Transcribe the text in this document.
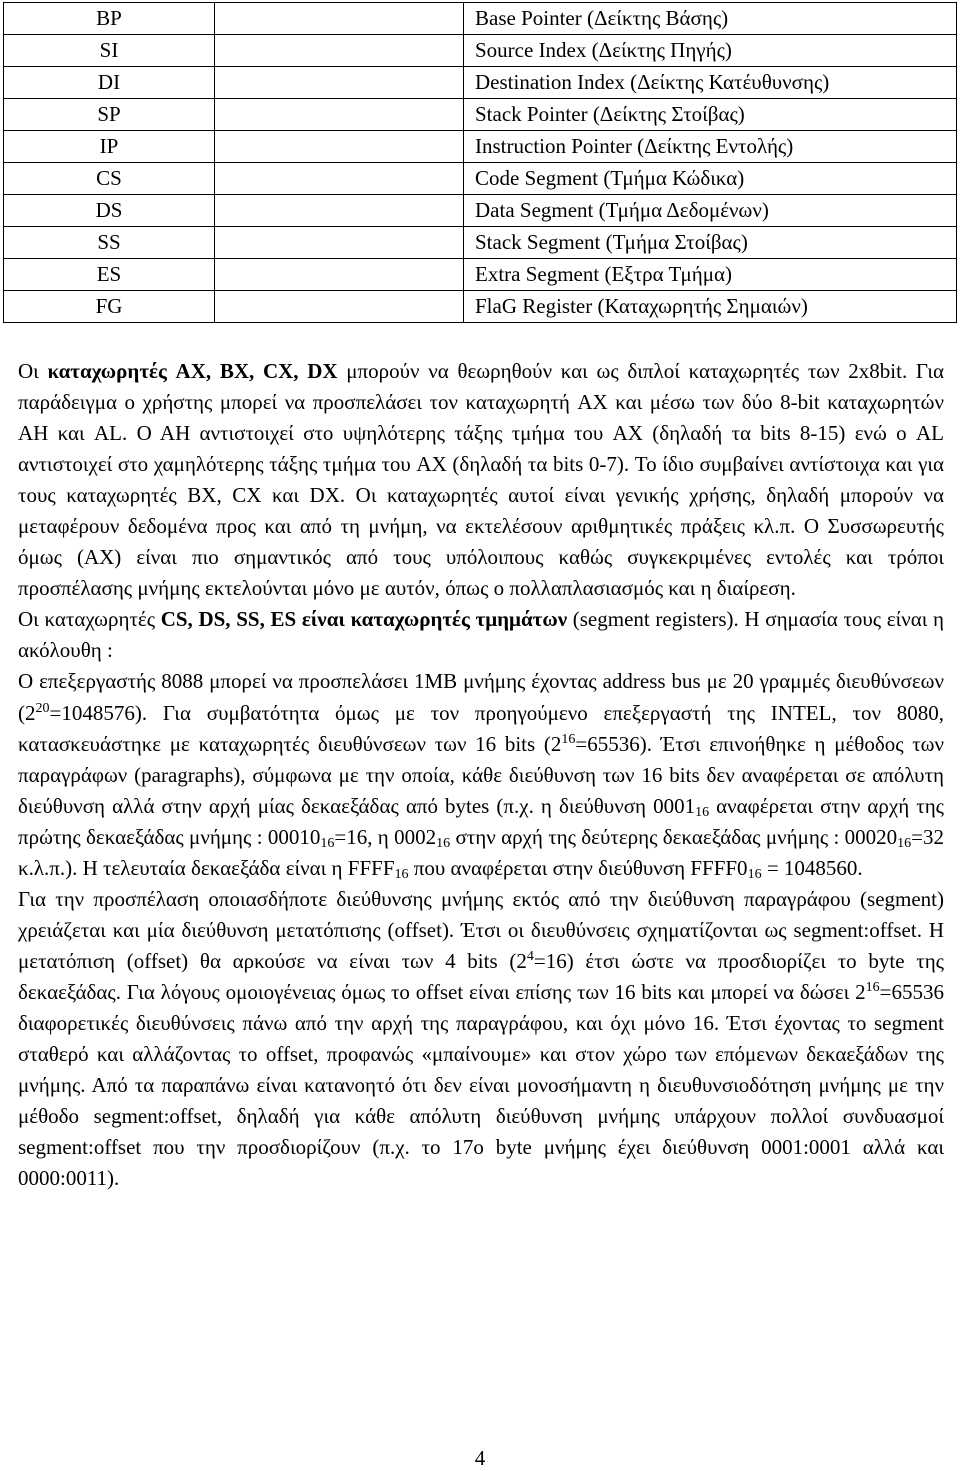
BP		Base Pointer (Δείκτης Βάσης)
SI		Source Index (Δείκτης Πηγής)
DI		Destination Index (Δείκτης Κατέυθυνσης)
SP		Stack Pointer (Δείκτης Στοίβας)
IP		Instruction Pointer (Δείκτης Εντολής)
CS		Code Segment (Τμήμα Κώδικα)
DS		Data Segment (Τμήμα Δεδομένων)
SS		Stack Segment (Τμήμα Στοίβας)
ES		Extra Segment (Εξτρα Τμήμα)
FG		FlaG Register (Καταχωρητής Σημαιών)

Οι καταχωρητές AX, BX, CX, DX μπορούν να θεωρηθούν και ως διπλοί καταχωρητές των 2x8bit. Για παράδειγμα ο χρήστης μπορεί να προσπελάσει τον καταχωρητή AX και μέσω των δύο 8-bit καταχωρητών AH και AL. O AH αντιστοιχεί στο υψηλότερης τάξης τμήμα του AX (δηλαδή τα bits 8-15) ενώ ο AL αντιστοιχεί στο χαμηλότερης τάξης τμήμα του AX (δηλαδή τα bits 0-7). Το ίδιο συμβαίνει αντίστοιχα και για τους καταχωρητές BX, CX και DX. Οι καταχωρητές αυτοί είναι γενικής χρήσης, δηλαδή μπορούν να μεταφέρουν δεδομένα προς και από τη μνήμη, να εκτελέσουν αριθμητικές πράξεις κλ.π. Ο Συσσωρευτής όμως (AX) είναι πιο σημαντικός από τους υπόλοιπους καθώς συγκεκριμένες εντολές και τρόποι προσπέλασης μνήμης εκτελούνται μόνο με αυτόν, όπως ο πολλαπλασιασμός και η διαίρεση.

Οι καταχωρητές CS, DS, SS, ES είναι καταχωρητές τμημάτων (segment registers). Η σημασία τους είναι η ακόλουθη :

Ο επεξεργαστής 8088 μπορεί να προσπελάσει 1MB μνήμης έχοντας address bus με 20 γραμμές διευθύνσεων $(2^{20}=1048576)$. Για συμβατότητα όμως με τον προηγούμενο επεξεργαστή της INTEL, τον 8080, κατασκευάστηκε με καταχωρητές διευθύνσεων των 16 bits $(2^{16}=65536)$. Έτσι επινοήθηκε η μέθοδος των παραγράφων (paragraphs), σύμφωνα με την οποία, κάθε διεύθυνση των 16 bits δεν αναφέρεται σε απόλυτη διεύθυνση αλλά στην αρχή μίας δεκαεξάδας από bytes (π.χ. η διεύθυνση $0001_{16}$ αναφέρεται στην αρχή της πρώτης δεκαεξάδας μνήμης : $00010_{16}=16$, η $0002_{16}$ στην αρχή της δεύτερης δεκαεξάδας μνήμης : $00020_{16}=32$ κ.λ.π.). Η τελευταία δεκαεξάδα είναι η $FFFF_{16}$ που αναφέρεται στην διεύθυνση $FFFF0_{16} = 1048560$.

Για την προσπέλαση οποιασδήποτε διεύθυνσης μνήμης εκτός από την διεύθυνση παραγράφου (segment) χρειάζεται και μία διεύθυνση μετατόπισης (offset). Έτσι οι διευθύνσεις σχηματίζονται ως segment:offset. Η μετατόπιση (offset) θα αρκούσε να είναι των 4 bits $(2^4=16)$ έτσι ώστε να προσδιορίζει το byte της δεκαεξάδας. Για λόγους ομοιογένειας όμως το offset είναι επίσης των 16 bits και μπορεί να δώσει $2^{16}=65536$ διαφορετικές διευθύνσεις πάνω από την αρχή της παραγράφου, και όχι μόνο 16. Έτσι έχοντας το segment σταθερό και αλλάζοντας το offset, προφανώς «μπαίνουμε» και στον χώρο των επόμενων δεκαεξάδων της μνήμης. Από τα παραπάνω είναι κατανοητό ότι δεν είναι μονοσήμαντη η διευθυνσιοδότηση μνήμης με την μέθοδο segment:offset, δηλαδή για κάθε απόλυτη διεύθυνση μνήμης υπάρχουν πολλοί συνδυασμοί segment:offset που την προσδιορίζουν (π.χ. το 17ο byte μνήμης έχει διεύθυνση 0001:0001 αλλά και 0000:0011).

4
